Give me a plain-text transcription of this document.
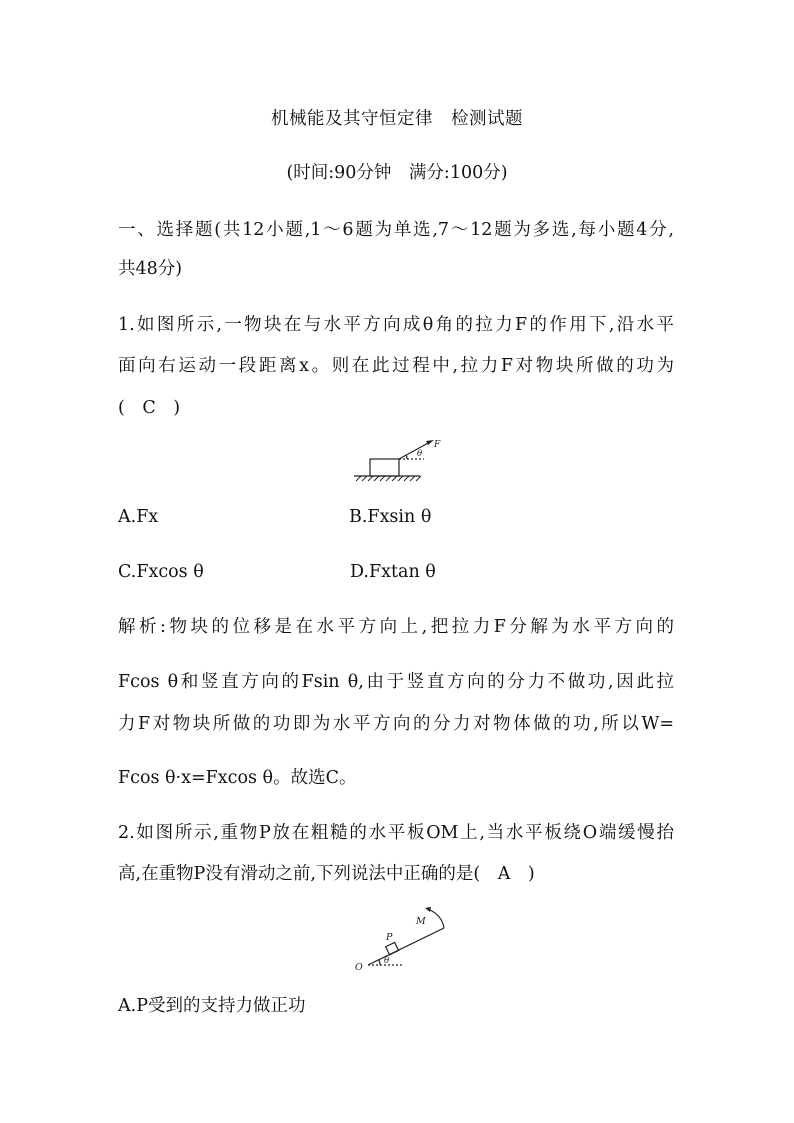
机械能及其守恒定律　检测试题

(时间:90分钟　满分:100分)

一、选择题(共12小题,1～6题为单选,7～12题为多选,每小题4分,

共48分)

1.如图所示,一物块在与水平方向成θ角的拉力F的作用下,沿水平

面向右运动一段距离x。则在此过程中,拉力F对物块所做的功为

(　C　)

F
θ

A.Fx	B.Fxsin θ

C.Fxcos θ	D.Fxtan θ

解析:物块的位移是在水平方向上,把拉力F分解为水平方向的

Fcos θ和竖直方向的Fsin θ,由于竖直方向的分力不做功,因此拉

力F对物块所做的功即为水平方向的分力对物体做的功,所以W=

Fcos θ·x=Fxcos θ。故选C。

2.如图所示,重物P放在粗糙的水平板OM上,当水平板绕O端缓慢抬

高,在重物P没有滑动之前,下列说法中正确的是(　A　)

O
P
M
θ

A.P受到的支持力做正功
